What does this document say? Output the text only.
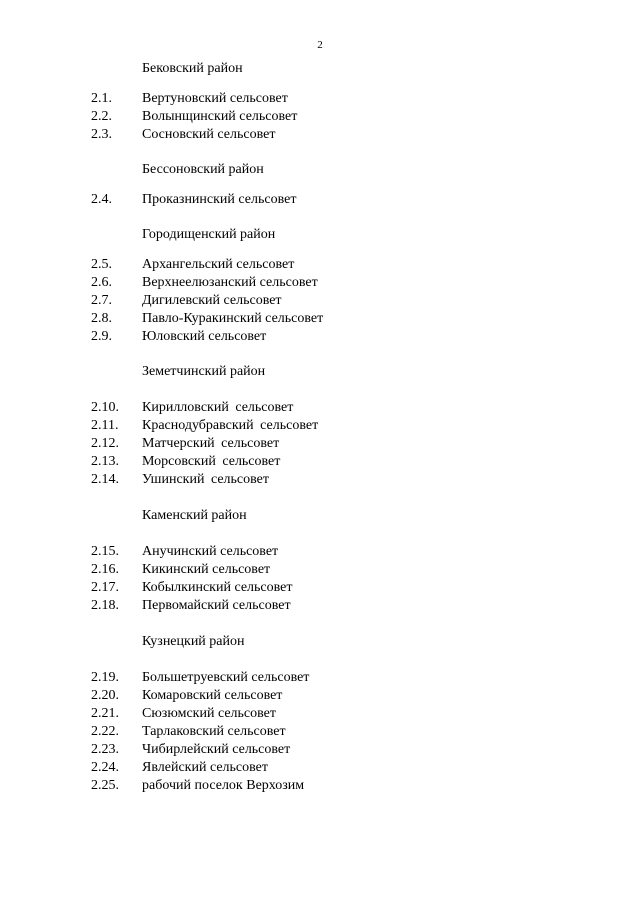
2
Бековский район
2.1.	Вертуновский сельсовет
2.2.	Волынщинский сельсовет
2.3.	Сосновский сельсовет
Бессоновский район
2.4.	Проказнинский сельсовет
Городищенский район
2.5.	Архангельский сельсовет
2.6.	Верхнеелюзанский сельсовет
2.7.	Дигилевский сельсовет
2.8.	Павло-Куракинский сельсовет
2.9.	Юловский сельсовет
Земетчинский район
2.10.	Кирилловский сельсовет
2.11.	Краснодубравский сельсовет
2.12.	Матчерский сельсовет
2.13.	Морсовский сельсовет
2.14.	Ушинский сельсовет
Каменский район
2.15.	Анучинский сельсовет
2.16.	Кикинский сельсовет
2.17.	Кобылкинский сельсовет
2.18.	Первомайский сельсовет
Кузнецкий район
2.19.	Большетруевский сельсовет
2.20.	Комаровский сельсовет
2.21.	Сюзюмский сельсовет
2.22.	Тарлаковский сельсовет
2.23.	Чибирлейский сельсовет
2.24.	Явлейский сельсовет
2.25.	рабочий поселок Верхозим
